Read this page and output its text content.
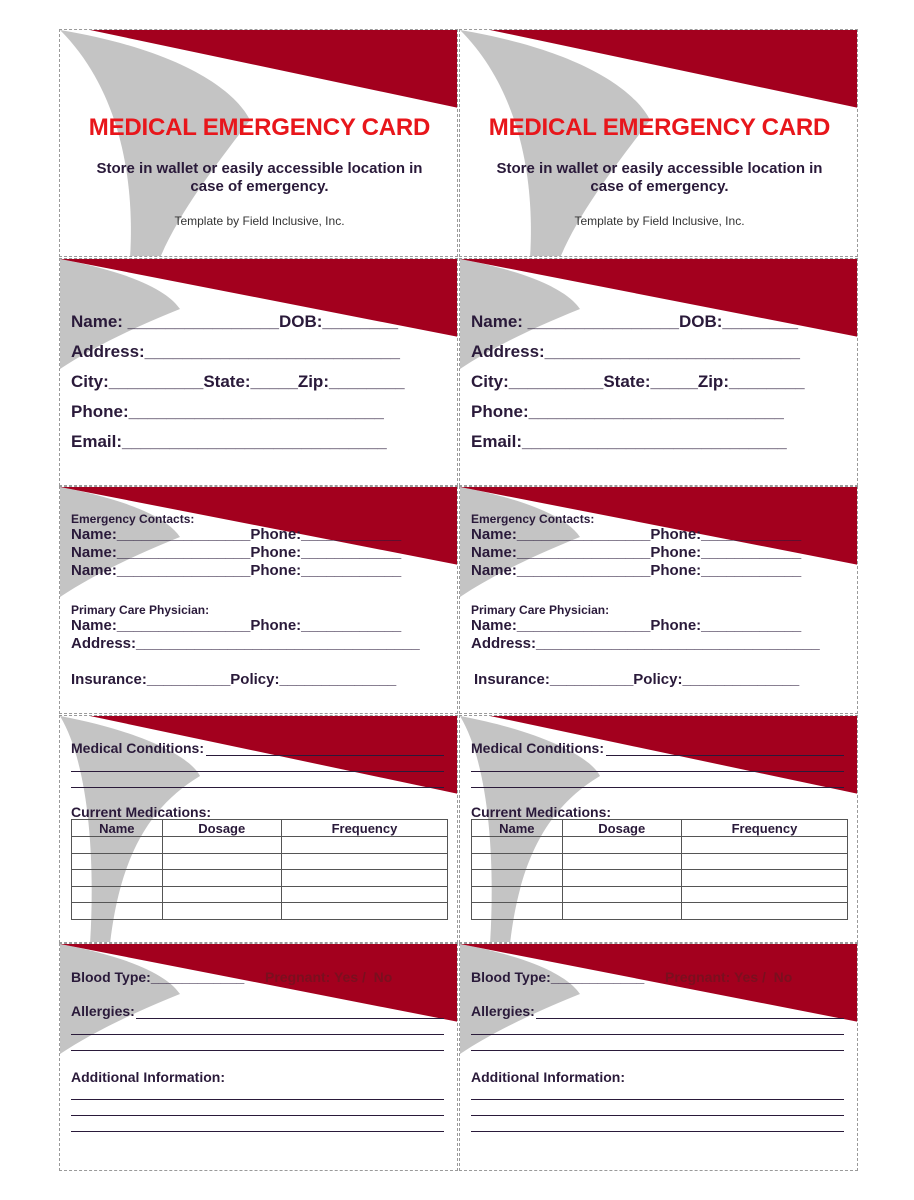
MEDICAL EMERGENCY CARD
Store in wallet or easily accessible location in
case of emergency.
Template by Field Inclusive, Inc.
MEDICAL EMERGENCY CARD
Store in wallet or easily accessible location in
case of emergency.
Template by Field Inclusive, Inc.
Name: ________________DOB:________
Address:___________________________
City:__________State:_____Zip:________
Phone:___________________________
Email:____________________________
Name: ________________DOB:________
Address:___________________________
City:__________State:_____Zip:________
Phone:___________________________
Email:____________________________
Emergency Contacts:
Name:________________Phone:____________
Name:________________Phone:____________
Name:________________Phone:____________
Primary Care Physician:
Name:________________Phone:____________
Address:__________________________________
Insurance:__________Policy:______________
Emergency Contacts:
Name:________________Phone:____________
Name:________________Phone:____________
Name:________________Phone:____________
Primary Care Physician:
Name:________________Phone:____________
Address:__________________________________
Insurance:__________Policy:______________
Medical Conditions:
Current Medications:
Name	Dosage	Frequency

Medical Conditions:
Current Medications:
Name	Dosage	Frequency

Blood Type:____________ Pregnant: Yes /  No
Allergies:
Additional Information:
Blood Type:____________ Pregnant: Yes /  No
Allergies:
Additional Information:
